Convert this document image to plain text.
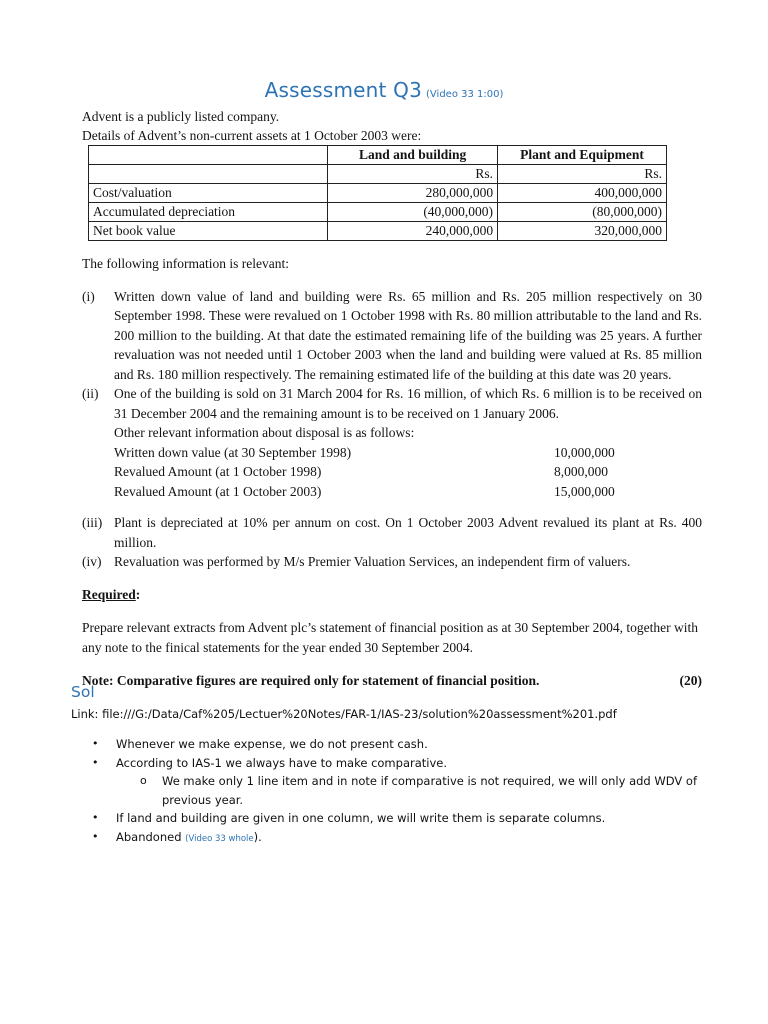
Assessment Q3 (Video 33 1:00)

Advent is a publicly listed company.

Details of Advent’s non-current assets at 1 October 2003 were:

	Land and building	Plant and Equipment
	Rs.	Rs.
Cost/valuation	280,000,000	400,000,000
Accumulated depreciation	(40,000,000)	(80,000,000)
Net book value	240,000,000	320,000,000

The following information is relevant:

(i)	Written down value of land and building were Rs. 65 million and Rs. 205 million respectively on 30 September 1998. These were revalued on 1 October 1998 with Rs. 80 million attributable to the land and Rs. 200 million to the building. At that date the estimated remaining life of the building was 25 years. A further revaluation was not needed until 1 October 2003 when the land and building were valued at Rs. 85 million and Rs. 180 million respectively. The remaining estimated life of the building at this date was 20 years.
(ii)	One of the building is sold on 31 March 2004 for Rs. 16 million, of which Rs. 6 million is to be received on 31 December 2004 and the remaining amount is to be received on 1 January 2006.
Other relevant information about disposal is as follows:
Written down value (at 30 September 1998)	10,000,000
Revalued Amount (at 1 October 1998)	8,000,000
Revalued Amount (at 1 October 2003)	15,000,000
(iii) Plant is depreciated at 10% per annum on cost. On 1 October 2003 Advent revalued its plant at Rs. 400 million.
(iv) Revaluation was performed by M/s Premier Valuation Services, an independent firm of valuers.

Required:

Prepare relevant extracts from Advent plc’s statement of financial position as at 30 September 2004, together with any note to the finical statements for the year ended 30 September 2004.

Note: Comparative figures are required only for statement of financial position.	(20)
Sol
Link: file:///G:/Data/Caf%205/Lectuer%20Notes/FAR-1/IAS-23/solution%20assessment%201.pdf
•	Whenever we make expense, we do not present cash.
•	According to IAS-1 we always have to make comparative.
o	We make only 1 line item and in note if comparative is not required, we will only add WDV of previous year.
•	If land and building are given in one column, we will write them is separate columns.
•	Abandoned (Video 33 whole).
